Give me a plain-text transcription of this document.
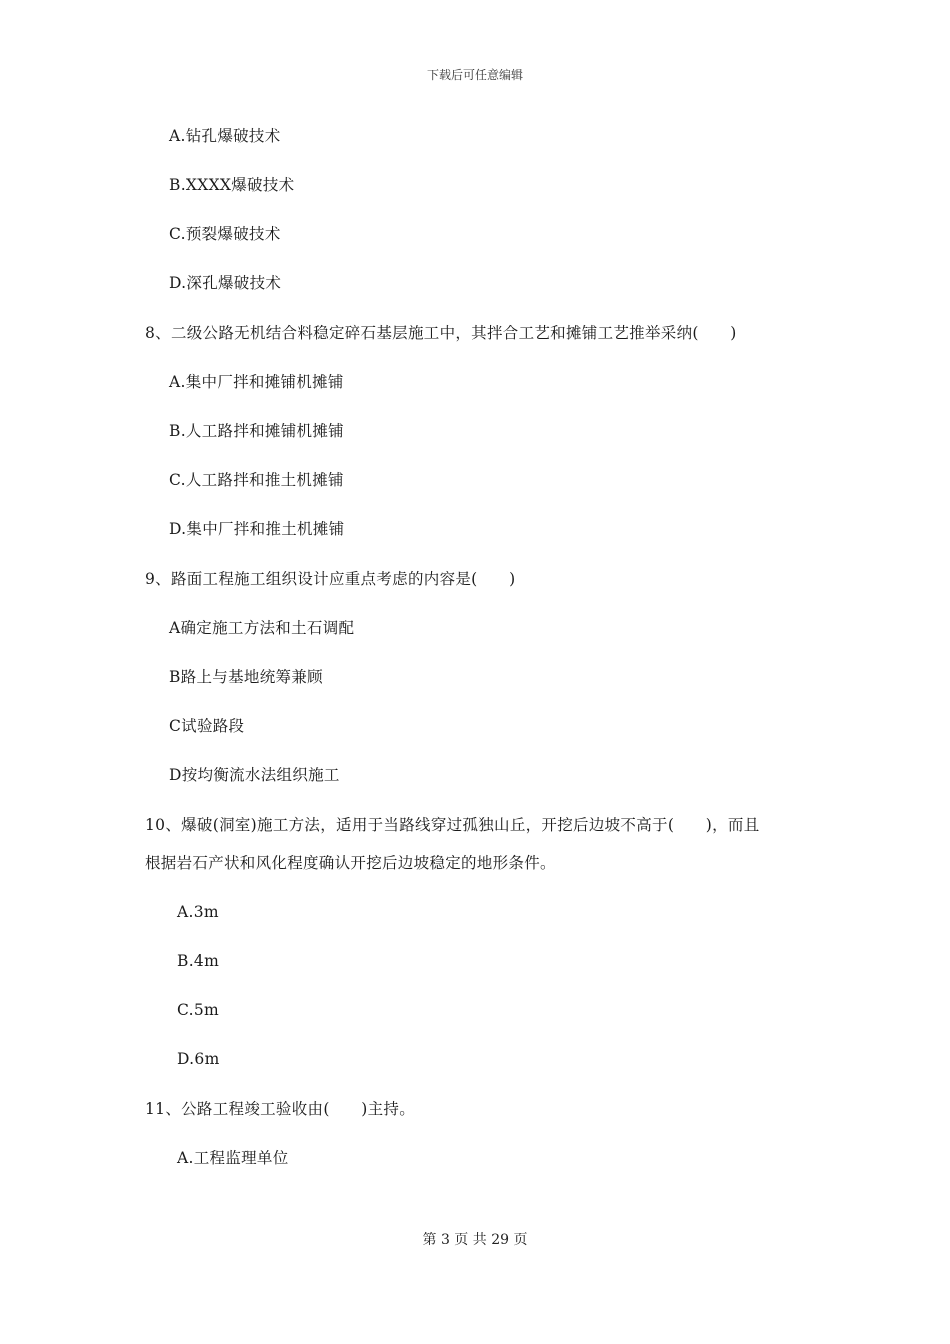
下载后可任意编辑
A.钻孔爆破技术
B.XXXX爆破技术
C.预裂爆破技术
D.深孔爆破技术
8、二级公路无机结合料稳定碎石基层施工中，其拌合工艺和摊铺工艺推举采纳(　　)
A.集中厂拌和摊铺机摊铺
B.人工路拌和摊铺机摊铺
C.人工路拌和推土机摊铺
D.集中厂拌和推土机摊铺
9、路面工程施工组织设计应重点考虑的内容是(　　)
A确定施工方法和土石调配
B路上与基地统筹兼顾
C试验路段
D按均衡流水法组织施工
10、爆破(洞室)施工方法，适用于当路线穿过孤独山丘，开挖后边坡不高于(　　)，而且
根据岩石产状和风化程度确认开挖后边坡稳定的地形条件。
A.3m
B.4m
C.5m
D.6m
11、公路工程竣工验收由(　　)主持。
A.工程监理单位
第 3 页 共 29 页
